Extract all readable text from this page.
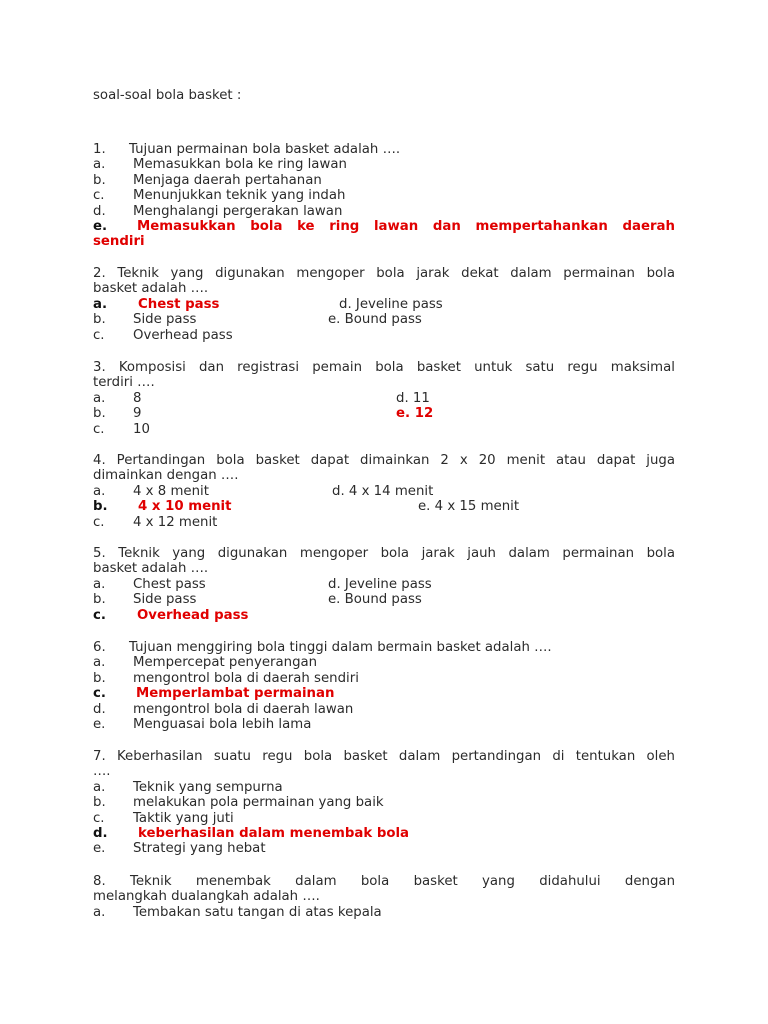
soal-soal bola basket :
1. Tujuan permainan bola basket adalah ….
a. Memasukkan bola ke ring lawan
b. Menjaga daerah pertahanan
c. Menunjukkan teknik yang indah
d. Menghalangi pergerakan lawan
e. Memasukkan bola ke ring lawan dan mempertahankan daerah
sendiri
2. Teknik yang digunakan mengoper bola jarak dekat dalam permainan bola
basket adalah ….
a. Chest pass	d. Jeveline pass
b. Side pass	e. Bound pass
c. Overhead pass
3. Komposisi dan registrasi pemain bola basket untuk satu regu maksimal
terdiri ….
a. 8	d. 11
b. 9	e. 12
c. 10
4. Pertandingan bola basket dapat dimainkan 2 x 20 menit atau dapat juga
dimainkan dengan ….
a. 4 x 8 menit	d. 4 x 14 menit
b. 4 x 10 menit	e. 4 x 15 menit
c. 4 x 12 menit
5. Teknik yang digunakan mengoper bola jarak jauh dalam permainan bola
basket adalah ….
a. Chest pass	d. Jeveline pass
b. Side pass	e. Bound pass
c. Overhead pass
6. Tujuan menggiring bola tinggi dalam bermain basket adalah ….
a. Mempercepat penyerangan
b. mengontrol bola di daerah sendiri
c. Memperlambat permainan
d. mengontrol bola di daerah lawan
e. Menguasai bola lebih lama
7. Keberhasilan suatu regu bola basket dalam pertandingan di tentukan oleh
….
a. Teknik yang sempurna
b. melakukan pola permainan yang baik
c. Taktik yang juti
d. keberhasilan dalam menembak bola
e. Strategi yang hebat
8. Teknik menembak dalam bola basket yang didahului dengan
melangkah dualangkah adalah ….
a. Tembakan satu tangan di atas kepala
